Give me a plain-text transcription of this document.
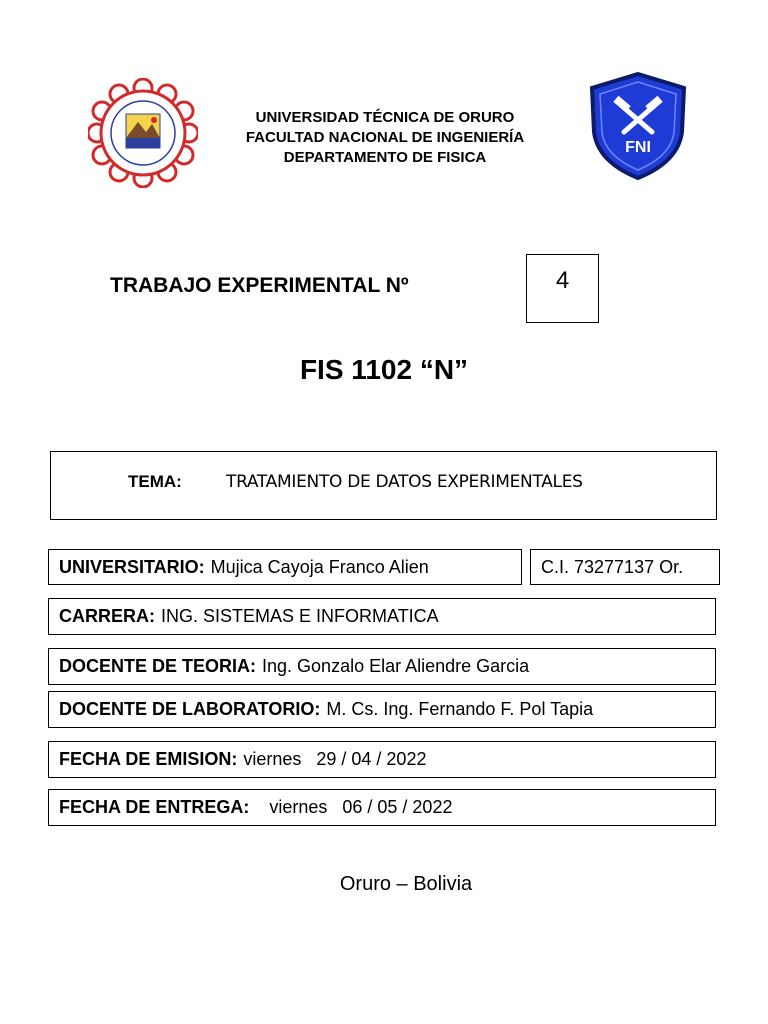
UNIVERSIDAD TÉCNICA DE ORURO
FACULTAD NACIONAL DE INGENIERÍA
DEPARTAMENTO DE FISICA
FNI
TRABAJO EXPERIMENTAL Nº	4
FIS 1102 “N”
TEMA:	TRATAMIENTO DE DATOS EXPERIMENTALES
UNIVERSITARIO: Mujica Cayoja Franco Alien	C.I. 73277137 Or.
CARRERA: ING. SISTEMAS E INFORMATICA
DOCENTE DE TEORIA: Ing. Gonzalo Elar Aliendre Garcia
DOCENTE DE LABORATORIO: M. Cs. Ing. Fernando F. Pol Tapia
FECHA DE EMISION: viernes   29 / 04 / 2022
FECHA DE ENTREGA: viernes   06 / 05 / 2022
Oruro – Bolivia
